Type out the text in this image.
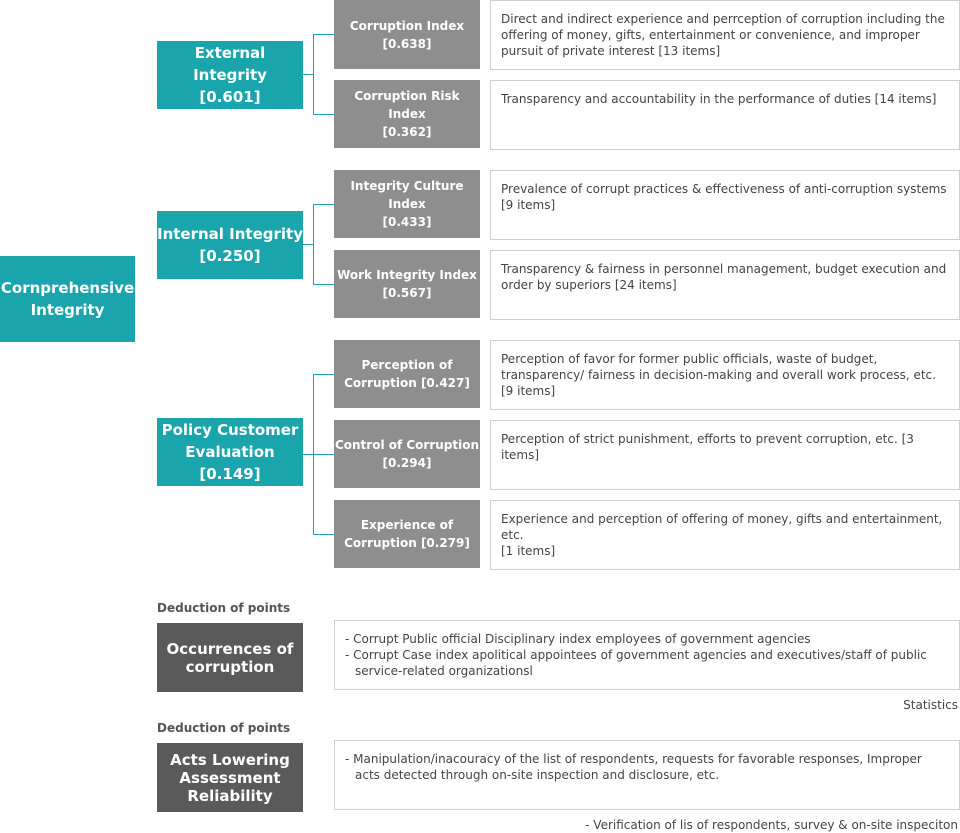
Cornprehensive
Integrity
External Integrity
[0.601]
Corruption Index
[0.638]
Direct and indirect experience and perrception of corruption including the offering of money, gifts, entertainment or convenience, and improper pursuit of private interest [13 items]
Corruption Risk Index
[0.362]
Transparency and accountability in the performance of duties [14 items]
Internal Integrity
[0.250]
Integrity Culture Index
[0.433]
Prevalence of corrupt practices & effectiveness of anti-corruption systems
[9 items]
Work Integrity Index
[0.567]
Transparency & fairness in personnel management, budget execution and order by superiors [24 items]
Policy Customer
Evaluation [0.149]
Perception of
Corruption [0.427]
Perception of favor for former public officials, waste of budget, transparency/ fairness in decision-making and overall work process, etc. [9 items]
Control of Corruption
[0.294]
Perception of strict punishment, efforts to prevent corruption, etc. [3 items]
Experience of
Corruption [0.279]
Experience and perception of offering of money, gifts and entertainment, etc.
[1 items]
Deduction of points
Occurrences of
corruption
- Corrupt Public official Disciplinary index employees of government agencies
- Corrupt Case index apolitical appointees of government agencies and executives/staff of public service-related organizationsl
Statistics
Deduction of points
Acts Lowering
Assessment
Reliability
- Manipulation/inacouracy of the list of respondents, requests for favorable responses, Improper acts detected through on-site inspection and disclosure, etc.
- Verification of lis of respondents, survey & on-site inspeciton
